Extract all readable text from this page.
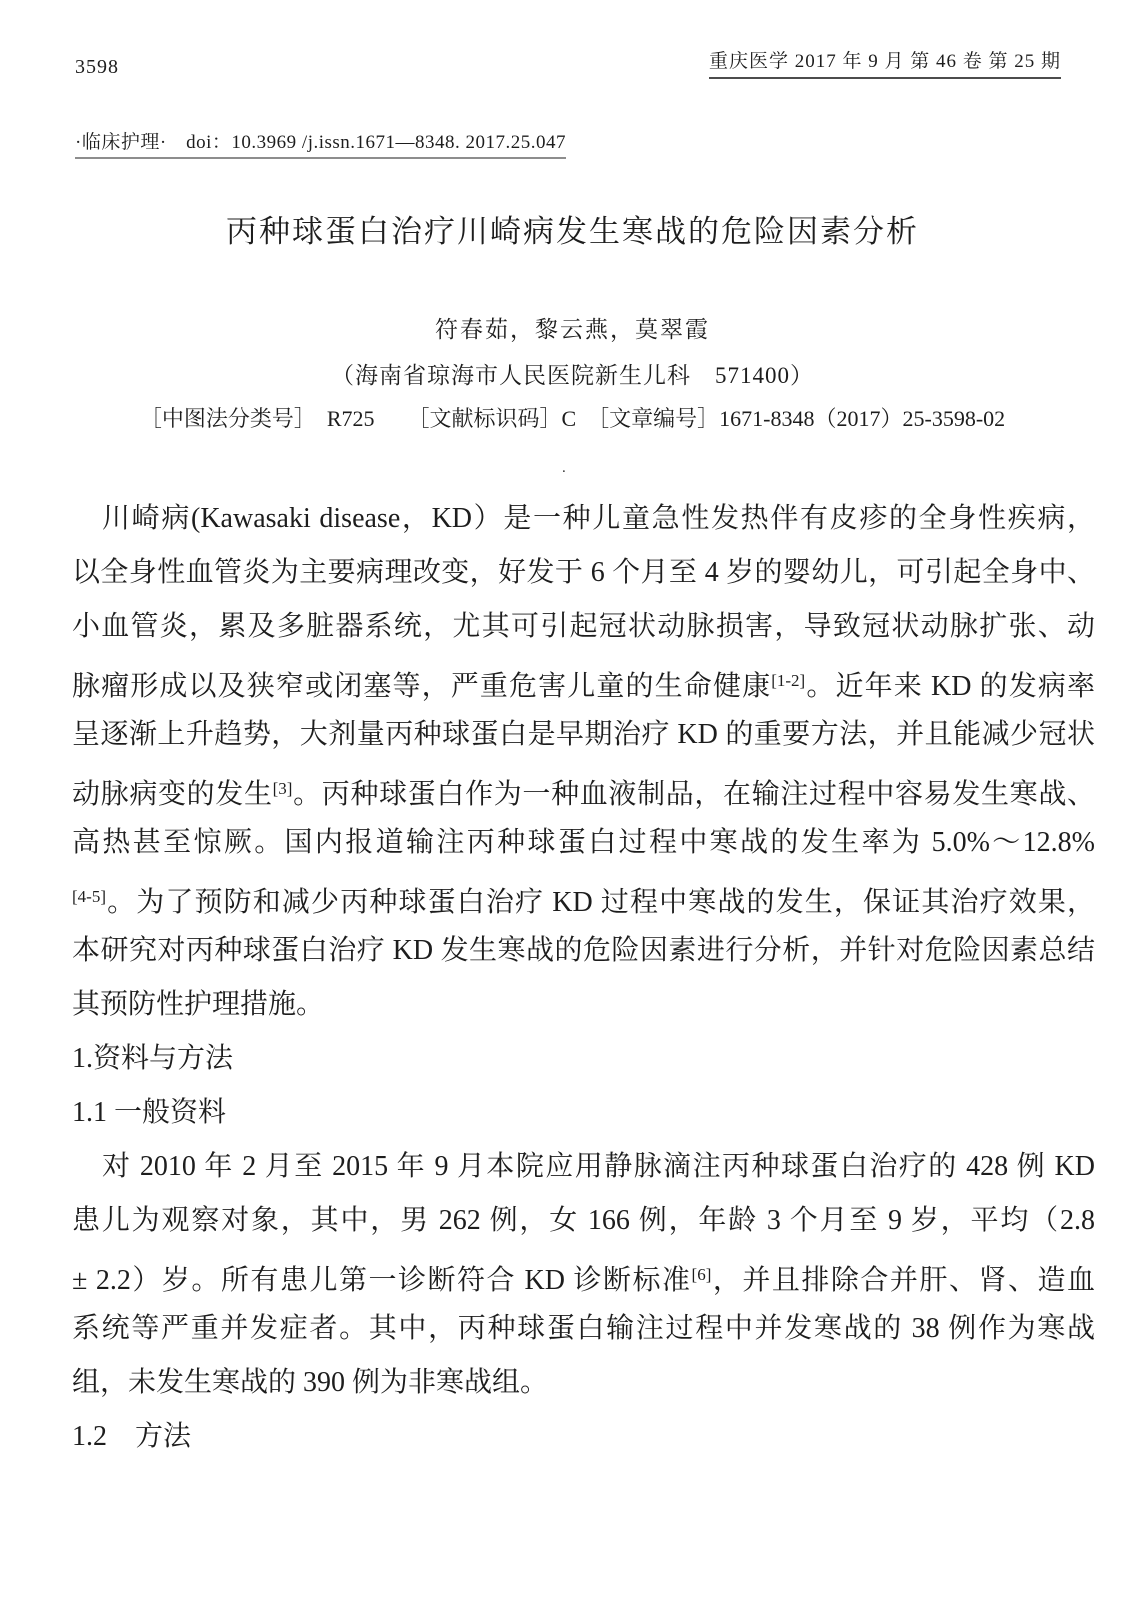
3598	重庆医学 2017 年 9 月 第 46 卷 第 25 期
·临床护理·　doi：10.3969 /j.issn.1671—8348. 2017.25.047
丙种球蛋白治疗川崎病发生寒战的危险因素分析
符春茹，黎云燕，莫翠霞
（海南省琼海市人民医院新生儿科　571400）
［中图法分类号］　R725　　［文献标识码］C　［文章编号］1671-8348（2017）25-3598-02
.
川崎病(Kawasaki disease，KD）是一种儿童急性发热伴有皮疹的全身性疾病，
以全身性血管炎为主要病理改变，好发于 6 个月至 4 岁的婴幼儿，可引起全身中、
小血管炎，累及多脏器系统，尤其可引起冠状动脉损害，导致冠状动脉扩张、动
脉瘤形成以及狭窄或闭塞等，严重危害儿童的生命健康[1-2]。近年来 KD 的发病率
呈逐渐上升趋势，大剂量丙种球蛋白是早期治疗 KD 的重要方法，并且能减少冠状
动脉病变的发生[3]。丙种球蛋白作为一种血液制品，在输注过程中容易发生寒战、
高热甚至惊厥。国内报道输注丙种球蛋白过程中寒战的发生率为 5.0%～12.8%
[4-5]。为了预防和减少丙种球蛋白治疗 KD 过程中寒战的发生，保证其治疗效果，
本研究对丙种球蛋白治疗 KD 发生寒战的危险因素进行分析，并针对危险因素总结
其预防性护理措施。
1.资料与方法
1.1 一般资料
对 2010 年 2 月至 2015 年 9 月本院应用静脉滴注丙种球蛋白治疗的 428 例 KD
患儿为观察对象，其中，男 262 例，女 166 例，年龄 3 个月至 9 岁，平均（2.8
± 2.2）岁。所有患儿第一诊断符合 KD 诊断标准[6]，并且排除合并肝、肾、造血
系统等严重并发症者。其中，丙种球蛋白输注过程中并发寒战的 38 例作为寒战
组，未发生寒战的 390 例为非寒战组。
1.2　方法
